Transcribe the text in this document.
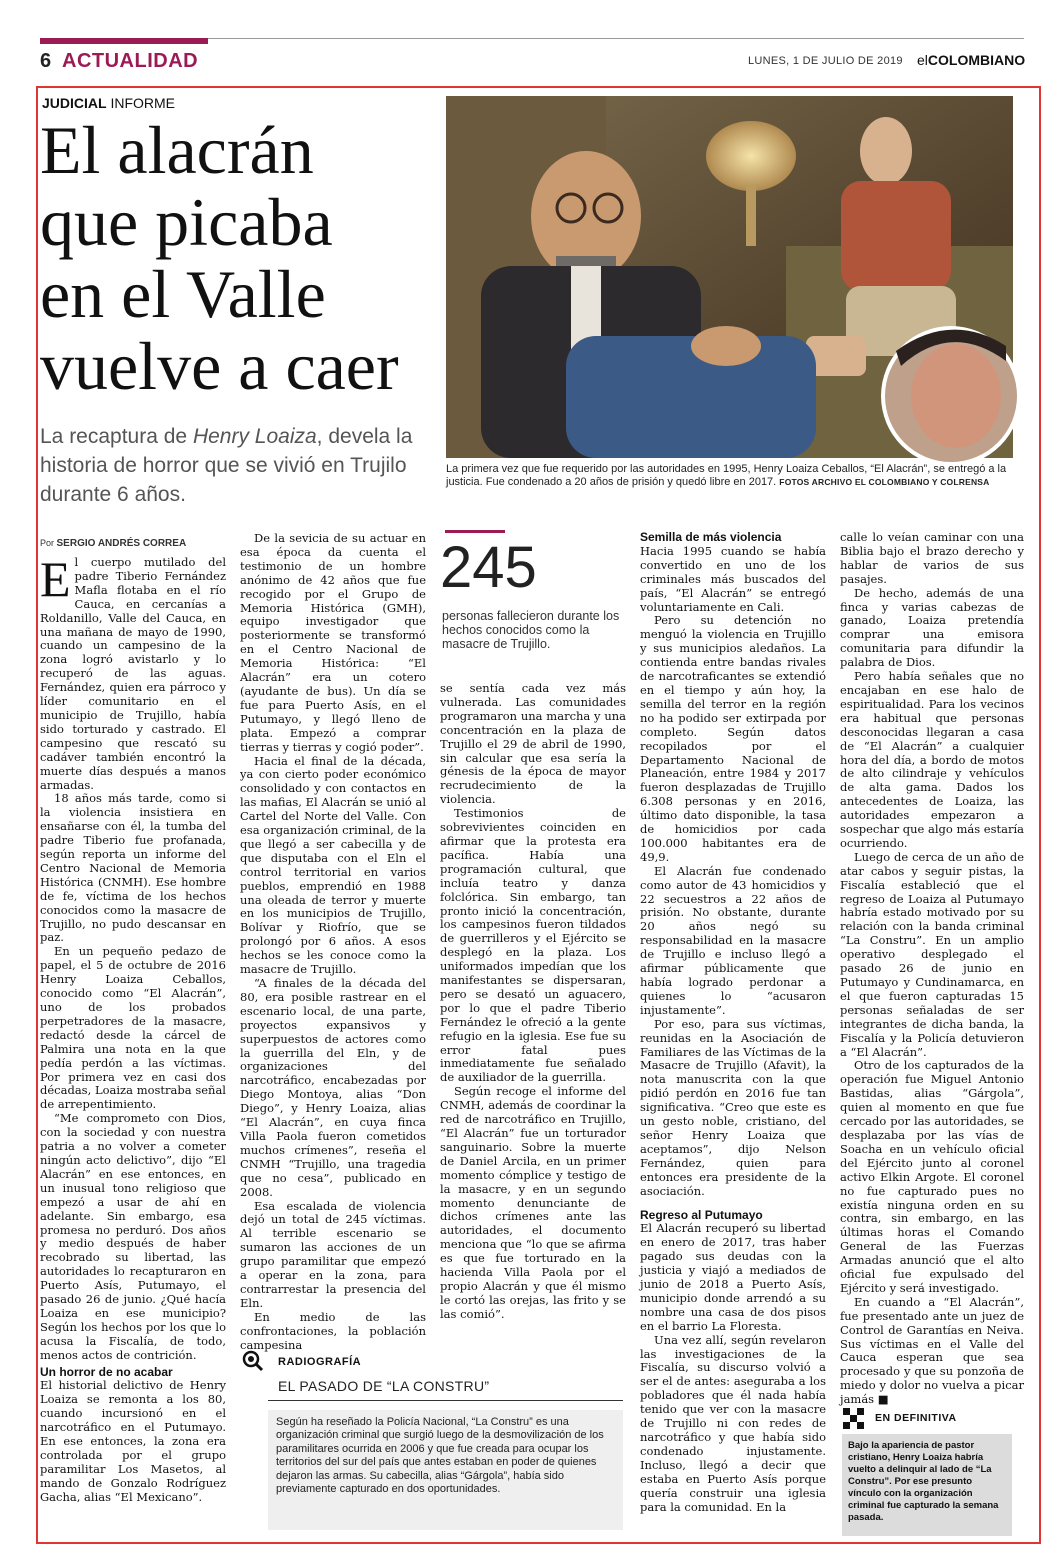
6 ACTUALIDAD	LUNES, 1 DE JULIO DE 2019 elCOLOMBIANO
JUDICIAL INFORME
El alacrán
que picaba
en el Valle
vuelve a caer
La recaptura de Henry Loaiza, devela la historia de horror que se vivió en Trujilo durante 6 años.
La primera vez que fue requerido por las autoridades en 1995, Henry Loaiza Ceballos, “El Alacrán”, se entregó a la justicia. Fue condenado a 20 años de prisión y quedó libre en 2017. FOTOS ARCHIVO EL COLOMBIANO Y COLRENSA
Por SERGIO ANDRÉS CORREA

El cuerpo mutilado del padre Tiberio Fernández Mafla flotaba en el río Cauca, en cercanías a Roldanillo, Valle del Cauca, en una mañana de mayo de 1990, cuando un campesino de la zona logró avistarlo y lo recuperó de las aguas. Fernández, quien era párroco y líder comunitario en el municipio de Trujillo, había sido torturado y castrado. El campesino que rescató su cadáver también encontró la muerte días después a manos armadas.

18 años más tarde, como si la violencia insistiera en ensañarse con él, la tumba del padre Tiberio fue profanada, según reporta un informe del Centro Nacional de Memoria Histórica (CNMH). Ese hombre de fe, víctima de los hechos conocidos como la masacre de Trujillo, no pudo descansar en paz.

En un pequeño pedazo de papel, el 5 de octubre de 2016 Henry Loaiza Ceballos, conocido como “El Alacrán”, uno de los probados perpetradores de la masacre, redactó desde la cárcel de Palmira una nota en la que pedía perdón a las víctimas. Por primera vez en casi dos décadas, Loaiza mostraba señal de arrepentimiento.

“Me comprometo con Dios, con la sociedad y con nuestra patria a no volver a cometer ningún acto delictivo”, dijo “El Alacrán” en ese entonces, en un inusual tono religioso que empezó a usar de ahí en adelante. Sin embargo, esa promesa no perduró. Dos años y medio después de haber recobrado su libertad, las autoridades lo recapturaron en Puerto Asís, Putumayo, el pasado 26 de junio. ¿Qué hacía Loaiza en ese municipio? Según los hechos por los que lo acusa la Fiscalía, de todo, menos actos de contrición.

Un horror de no acabar

El historial delictivo de Henry Loaiza se remonta a los 80, cuando incursionó en el narcotráfico en el Putumayo. En ese entonces, la zona era controlada por el grupo paramilitar Los Masetos, al mando de Gonzalo Rodríguez Gacha, alias “El Mexicano”.

De la sevicia de su actuar en esa época da cuenta el testimonio de un hombre anónimo de 42 años que fue recogido por el Grupo de Memoria Histórica (GMH), equipo investigador que posteriormente se transformó en el Centro Nacional de Memoria Histórica: “El Alacrán” era un cotero (ayudante de bus). Un día se fue para Puerto Asís, en el Putumayo, y llegó lleno de plata. Empezó a comprar tierras y tierras y cogió poder”.

Hacia el final de la década, ya con cierto poder económico consolidado y con contactos en las mafias, El Alacrán se unió al Cartel del Norte del Valle. Con esa organización criminal, de la que llegó a ser cabecilla y de que disputaba con el Eln el control territorial en varios pueblos, emprendió en 1988 una oleada de terror y muerte en los municipios de Trujillo, Bolívar y Riofrío, que se prolongó por 6 años. A esos hechos se les conoce como la masacre de Trujillo.

“A finales de la década del 80, era posible rastrear en el escenario local, de una parte, proyectos expansivos y superpuestos de actores como la guerrilla del Eln, y de organizaciones del narcotráfico, encabezadas por Diego Montoya, alias “Don Diego”, y Henry Loaiza, alias “El Alacrán”, en cuya finca Villa Paola fueron cometidos muchos crímenes”, reseña el CNMH “Trujillo, una tragedia que no cesa”, publicado en 2008.

Esa escalada de violencia dejó un total de 245 víctimas. Al terrible escenario se sumaron las acciones de un grupo paramilitar que empezó a operar en la zona, para contrarrestar la presencia del Eln.

En medio de las confrontaciones, la población campesina

245
personas fallecieron durante los hechos conocidos como la masacre de Trujillo.

se sentía cada vez más vulnerada. Las comunidades programaron una marcha y una concentración en la plaza de Trujillo el 29 de abril de 1990, sin calcular que esa sería la génesis de la época de mayor recrudecimiento de la violencia.

Testimonios de sobrevivientes coinciden en afirmar que la protesta era pacífica. Había una programación cultural, que incluía teatro y danza folclórica. Sin embargo, tan pronto inició la concentración, los campesinos fueron tildados de guerrilleros y el Ejército se desplegó en la plaza. Los uniformados impedían que los manifestantes se dispersaran, pero se desató un aguacero, por lo que el padre Tiberio Fernández le ofreció a la gente refugio en la iglesia. Ese fue su error fatal pues inmediatamente fue señalado de auxiliador de la guerrilla.

Según recoge el informe del CNMH, además de coordinar la red de narcotráfico en Trujillo, “El Alacrán” fue un torturador sanguinario. Sobre la muerte de Daniel Arcila, en un primer momento cómplice y testigo de la masacre, y en un segundo momento denunciante de dichos crímenes ante las autoridades, el documento menciona que “lo que se afirma es que fue torturado en la hacienda Villa Paola por el propio Alacrán y que él mismo le cortó las orejas, las frito y se las comió”.

Semilla de más violencia

Hacia 1995 cuando se había convertido en uno de los criminales más buscados del país, “El Alacrán” se entregó voluntariamente en Cali.

Pero su detención no menguó la violencia en Trujillo y sus municipios aledaños. La contienda entre bandas rivales de narcotraficantes se extendió en el tiempo y aún hoy, la semilla del terror en la región no ha podido ser extirpada por completo. Según datos recopilados por el Departamento Nacional de Planeación, entre 1984 y 2017 fueron desplazadas de Trujillo 6.308 personas y en 2016, último dato disponible, la tasa de homicidios por cada 100.000 habitantes era de 49,9.

El Alacrán fue condenado como autor de 43 homicidios y 22 secuestros a 22 años de prisión. No obstante, durante 20 años negó su responsabilidad en la masacre de Trujillo e incluso llegó a afirmar públicamente que había logrado perdonar a quienes lo “acusaron injustamente”.

Por eso, para sus víctimas, reunidas en la Asociación de Familiares de las Víctimas de la Masacre de Trujillo (Afavit), la nota manuscrita con la que pidió perdón en 2016 fue tan significativa. “Creo que este es un gesto noble, cristiano, del señor Henry Loaiza que aceptamos”, dijo Nelson Fernández, quien para entonces era presidente de la asociación.

Regreso al Putumayo

El Alacrán recuperó su libertad en enero de 2017, tras haber pagado sus deudas con la justicia y viajó a mediados de junio de 2018 a Puerto Asís, municipio donde arrendó a su nombre una casa de dos pisos en el barrio La Floresta.

Una vez allí, según revelaron las investigaciones de la Fiscalía, su discurso volvió a ser el de antes: aseguraba a los pobladores que él nada había tenido que ver con la masacre de Trujillo ni con redes de narcotráfico y que había sido condenado injustamente. Incluso, llegó a decir que estaba en Puerto Asís porque quería construir una iglesia para la comunidad. En la

calle lo veían caminar con una Biblia bajo el brazo derecho y hablar de varios de sus pasajes.

De hecho, además de una finca y varias cabezas de ganado, Loaiza pretendía comprar una emisora comunitaria para difundir la palabra de Dios.

Pero había señales que no encajaban en ese halo de espiritualidad. Para los vecinos era habitual que personas desconocidas llegaran a casa de “El Alacrán” a cualquier hora del día, a bordo de motos de alto cilindraje y vehículos de alta gama. Dados los antecedentes de Loaiza, las autoridades empezaron a sospechar que algo más estaría ocurriendo.

Luego de cerca de un año de atar cabos y seguir pistas, la Fiscalía estableció que el regreso de Loaiza al Putumayo habría estado motivado por su relación con la banda criminal “La Constru”. En un amplio operativo desplegado el pasado 26 de junio en Putumayo y Cundinamarca, en el que fueron capturadas 15 personas señaladas de ser integrantes de dicha banda, la Fiscalía y la Policía detuvieron a “El Alacrán”.

Otro de los capturados de la operación fue Miguel Antonio Bastidas, alias “Gárgola”, quien al momento en que fue cercado por las autoridades, se desplazaba por las vías de Soacha en un vehículo oficial del Ejército junto al coronel activo Elkin Argote. El coronel no fue capturado pues no existía ninguna orden en su contra, sin embargo, en las últimas horas el Comando General de las Fuerzas Armadas anunció que el alto oficial fue expulsado del Ejército y será investigado.

En cuando a “El Alacrán”, fue presentado ante un juez de Control de Garantías en Neiva. Sus víctimas en el Valle del Cauca esperan que sea procesado y que su ponzoña de miedo y dolor no vuelva a picar jamás ■

RADIOGRAFÍA
EL PASADO DE “LA CONSTRU”
Según ha reseñado la Policía Nacional, “La Constru” es una organización criminal que surgió luego de la desmovilización de los paramilitares ocurrida en 2006 y que fue creada para ocupar los territorios del sur del país que antes estaban en poder de quienes dejaron las armas. Su cabecilla, alias “Gárgola”, había sido previamente capturado en dos oportunidades.
EN DEFINITIVA
Bajo la apariencia de pastor cristiano, Henry Loaiza habría vuelto a delinquir al lado de “La Constru”. Por ese presunto vínculo con la organización criminal fue capturado la semana pasada.
